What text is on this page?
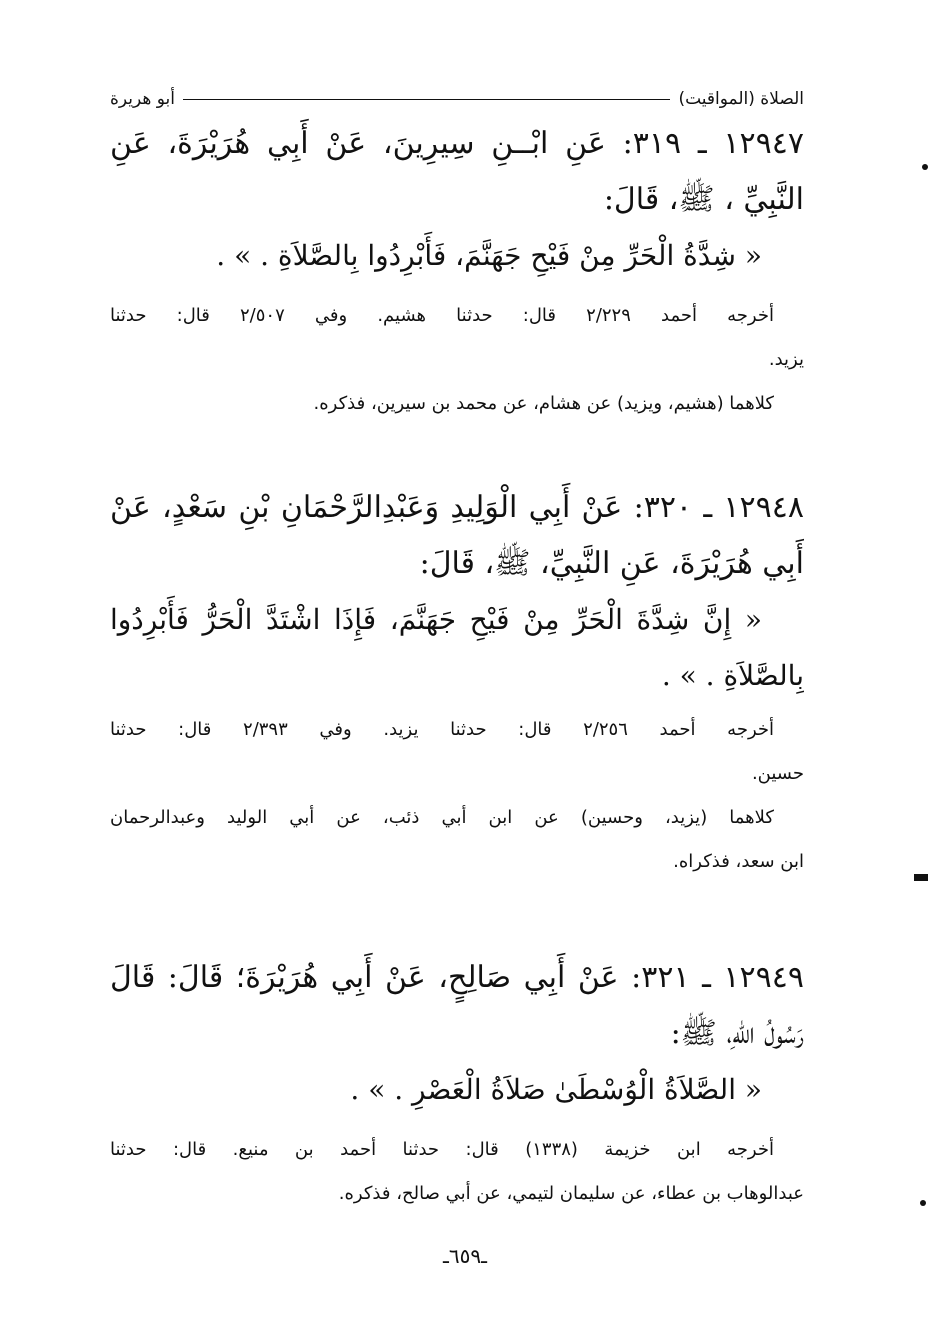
الصلاة (المواقيت)
أبو هريرة
١٢٩٤٧ ـ ٣١٩: عَنِ ابْــنِ سِيرِينَ، عَنْ أَبِي هُرَيْرَةَ، عَنِ
النَّبِيِّ ، ﷺ، قَالَ:
« شِدَّةُ الْحَرِّ مِنْ فَيْحِ جَهَنَّمَ، فَأَبْرِدُوا بِالصَّلاَةِ . » .
أخرجه أحمد ٢/٢٢٩ قال: حدثنا هشيم. وفي ٢/٥٠٧ قال: حدثنا
يزيد.
كلاهما (هشيم، ويزيد) عن هشام، عن محمد بن سيرين، فذكره.
١٢٩٤٨ ـ ٣٢٠: عَنْ أَبِي الْوَلِيدِ وَعَبْدِالرَّحْمَانِ بْنِ سَعْدٍ، عَنْ
أَبِي هُرَيْرَةَ، عَنِ النَّبِيِّ، ﷺ، قَالَ:
« إِنَّ شِدَّةَ الْحَرِّ مِنْ فَيْحِ جَهَنَّمَ، فَإِذَا اشْتَدَّ الْحَرُّ فَأَبْرِدُوا
بِالصَّلاَةِ . » .
أخرجه أحمد ٢/٢٥٦ قال: حدثنا يزيد. وفي ٢/٣٩٣ قال: حدثنا
حسين.
كلاهما (يزيد، وحسين) عن ابن أبي ذئب، عن أبي الوليد وعبدالرحمان
ابن سعد، فذكراه.
١٢٩٤٩ ـ ٣٢١: عَنْ أَبِي صَالِحٍ، عَنْ أَبِي هُرَيْرَةَ؛ قَالَ: قَالَ
رَسُولُ اللهِ، ﷺ:
« الصَّلاَةُ الْوُسْطَىٰ صَلاَةُ الْعَصْرِ . » .
أخرجه ابن خزيمة (١٣٣٨) قال: حدثنا أحمد بن منيع. قال: حدثنا
عبدالوهاب بن عطاء، عن سليمان لتيمي، عن أبي صالح، فذكره.
ـ٦٥٩ـ
